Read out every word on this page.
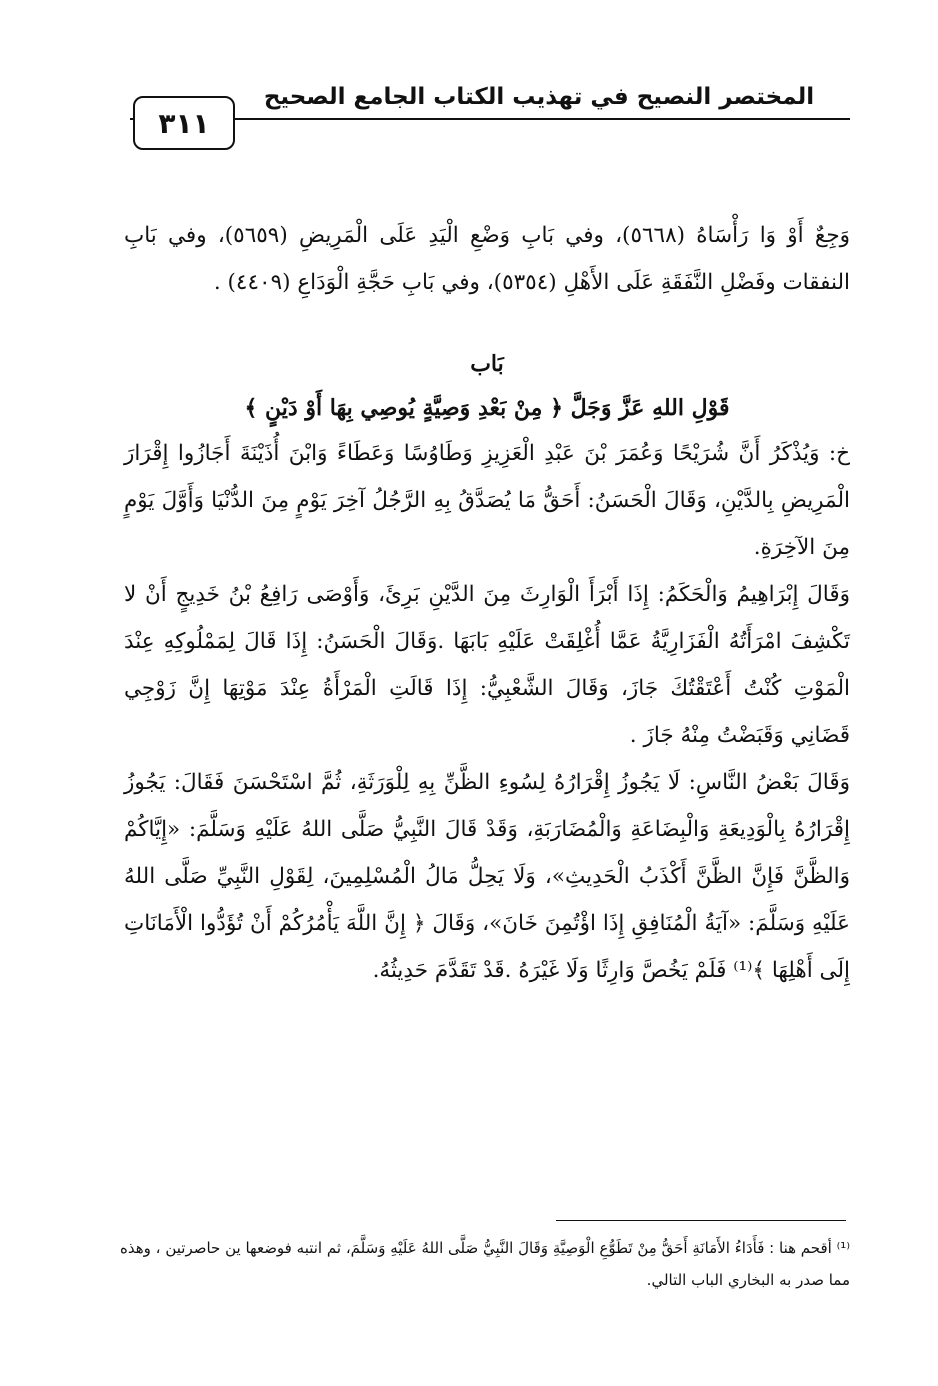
المختصر النصيح في تهذيب الكتاب الجامع الصحيح
٣١١

وَجِعٌ أَوْ وَا رَأْسَاهُ (٥٦٦٨)، وفي بَابِ وَضْعِ الْيَدِ عَلَى الْمَرِيضِ (٥٦٥٩)، وفي بَابِ النفقات وفَضْلِ النَّفَقَةِ عَلَى الأَهْلِ (٥٣٥٤)، وفي بَابِ حَجَّةِ الْوَدَاعِ (٤٤٠٩) .

بَاب
قَوْلِ اللهِ عَزَّ وَجَلَّ ﴿ مِنْ بَعْدِ وَصِيَّةٍ يُوصِي بِهَا أَوْ دَيْنٍ ﴾

خ: وَيُذْكَرُ أَنَّ شُرَيْحًا وَعُمَرَ بْنَ عَبْدِ الْعَزِيزِ وَطَاوُسًا وَعَطَاءً وَابْنَ أُذَيْنَةَ أَجَازُوا إِقْرَارَ الْمَرِيضِ بِالدَّيْنِ، وَقَالَ الْحَسَنُ: أَحَقُّ مَا يُصَدَّقُ بِهِ الرَّجُلُ آخِرَ يَوْمٍ مِنَ الدُّنْيَا وَأَوَّلَ يَوْمٍ مِنَ الآخِرَةِ.

وَقَالَ إِبْرَاهِيمُ وَالْحَكَمُ: إِذَا أَبْرَأَ الْوَارِثَ مِنَ الدَّيْنِ بَرِئَ، وَأَوْصَى رَافِعُ بْنُ خَدِيجٍ أَنْ لا تَكْشِفَ امْرَأَتُهُ الْفَزَارِيَّةُ عَمَّا أُغْلِقَتْ عَلَيْهِ بَابَهَا .وَقَالَ الْحَسَنُ: إِذَا قَالَ لِمَمْلُوكِهِ عِنْدَ الْمَوْتِ كُنْتُ أَعْتَقْتُكَ جَازَ، وَقَالَ الشَّعْبِيُّ: إِذَا قَالَتِ الْمَرْأَةُ عِنْدَ مَوْتِهَا إِنَّ زَوْجِي قَضَانِي وَقَبَضْتُ مِنْهُ جَازَ .

وَقَالَ بَعْضُ النَّاسِ: لَا يَجُوزُ إِقْرَارُهُ لِسُوءِ الظَّنِّ بِهِ لِلْوَرَثَةِ، ثُمَّ اسْتَحْسَنَ فَقَالَ: يَجُوزُ إِقْرَارُهُ بِالْوَدِيعَةِ وَالْبِضَاعَةِ وَالْمُضَارَبَةِ، وَقَدْ قَالَ النَّبِيُّ صَلَّى اللهُ عَلَيْهِ وَسَلَّمَ: «إِيَّاكُمْ وَالظَّنَّ فَإِنَّ الظَّنَّ أَكْذَبُ الْحَدِيثِ»، وَلَا يَحِلُّ مَالُ الْمُسْلِمِينَ، لِقَوْلِ النَّبِيِّ صَلَّى اللهُ عَلَيْهِ وَسَلَّمَ: «آيَةُ الْمُنَافِقِ إِذَا اؤْتُمِنَ خَانَ»، وَقَالَ ﴿ إِنَّ اللَّهَ يَأْمُرُكُمْ أَنْ تُؤَدُّوا الْأَمَانَاتِ إِلَى أَهْلِهَا ﴾⁽¹⁾ فَلَمْ يَخُصَّ وَارِثًا وَلَا غَيْرَهُ .قَدْ تَقَدَّمَ حَدِيثُهُ.

⁽¹⁾ أقحم هنا : فَأَدَاءُ الأَمَانَةِ أَحَقُّ مِنْ تَطَوُّعِ الْوَصِيَّةِ وَقَالَ النَّبِيُّ صَلَّى اللهُ عَلَيْهِ وَسَلَّمَ، ثم انتبه فوضعها ين حاصرتين ، وهذه مما صدر به البخاري الباب التالي.
